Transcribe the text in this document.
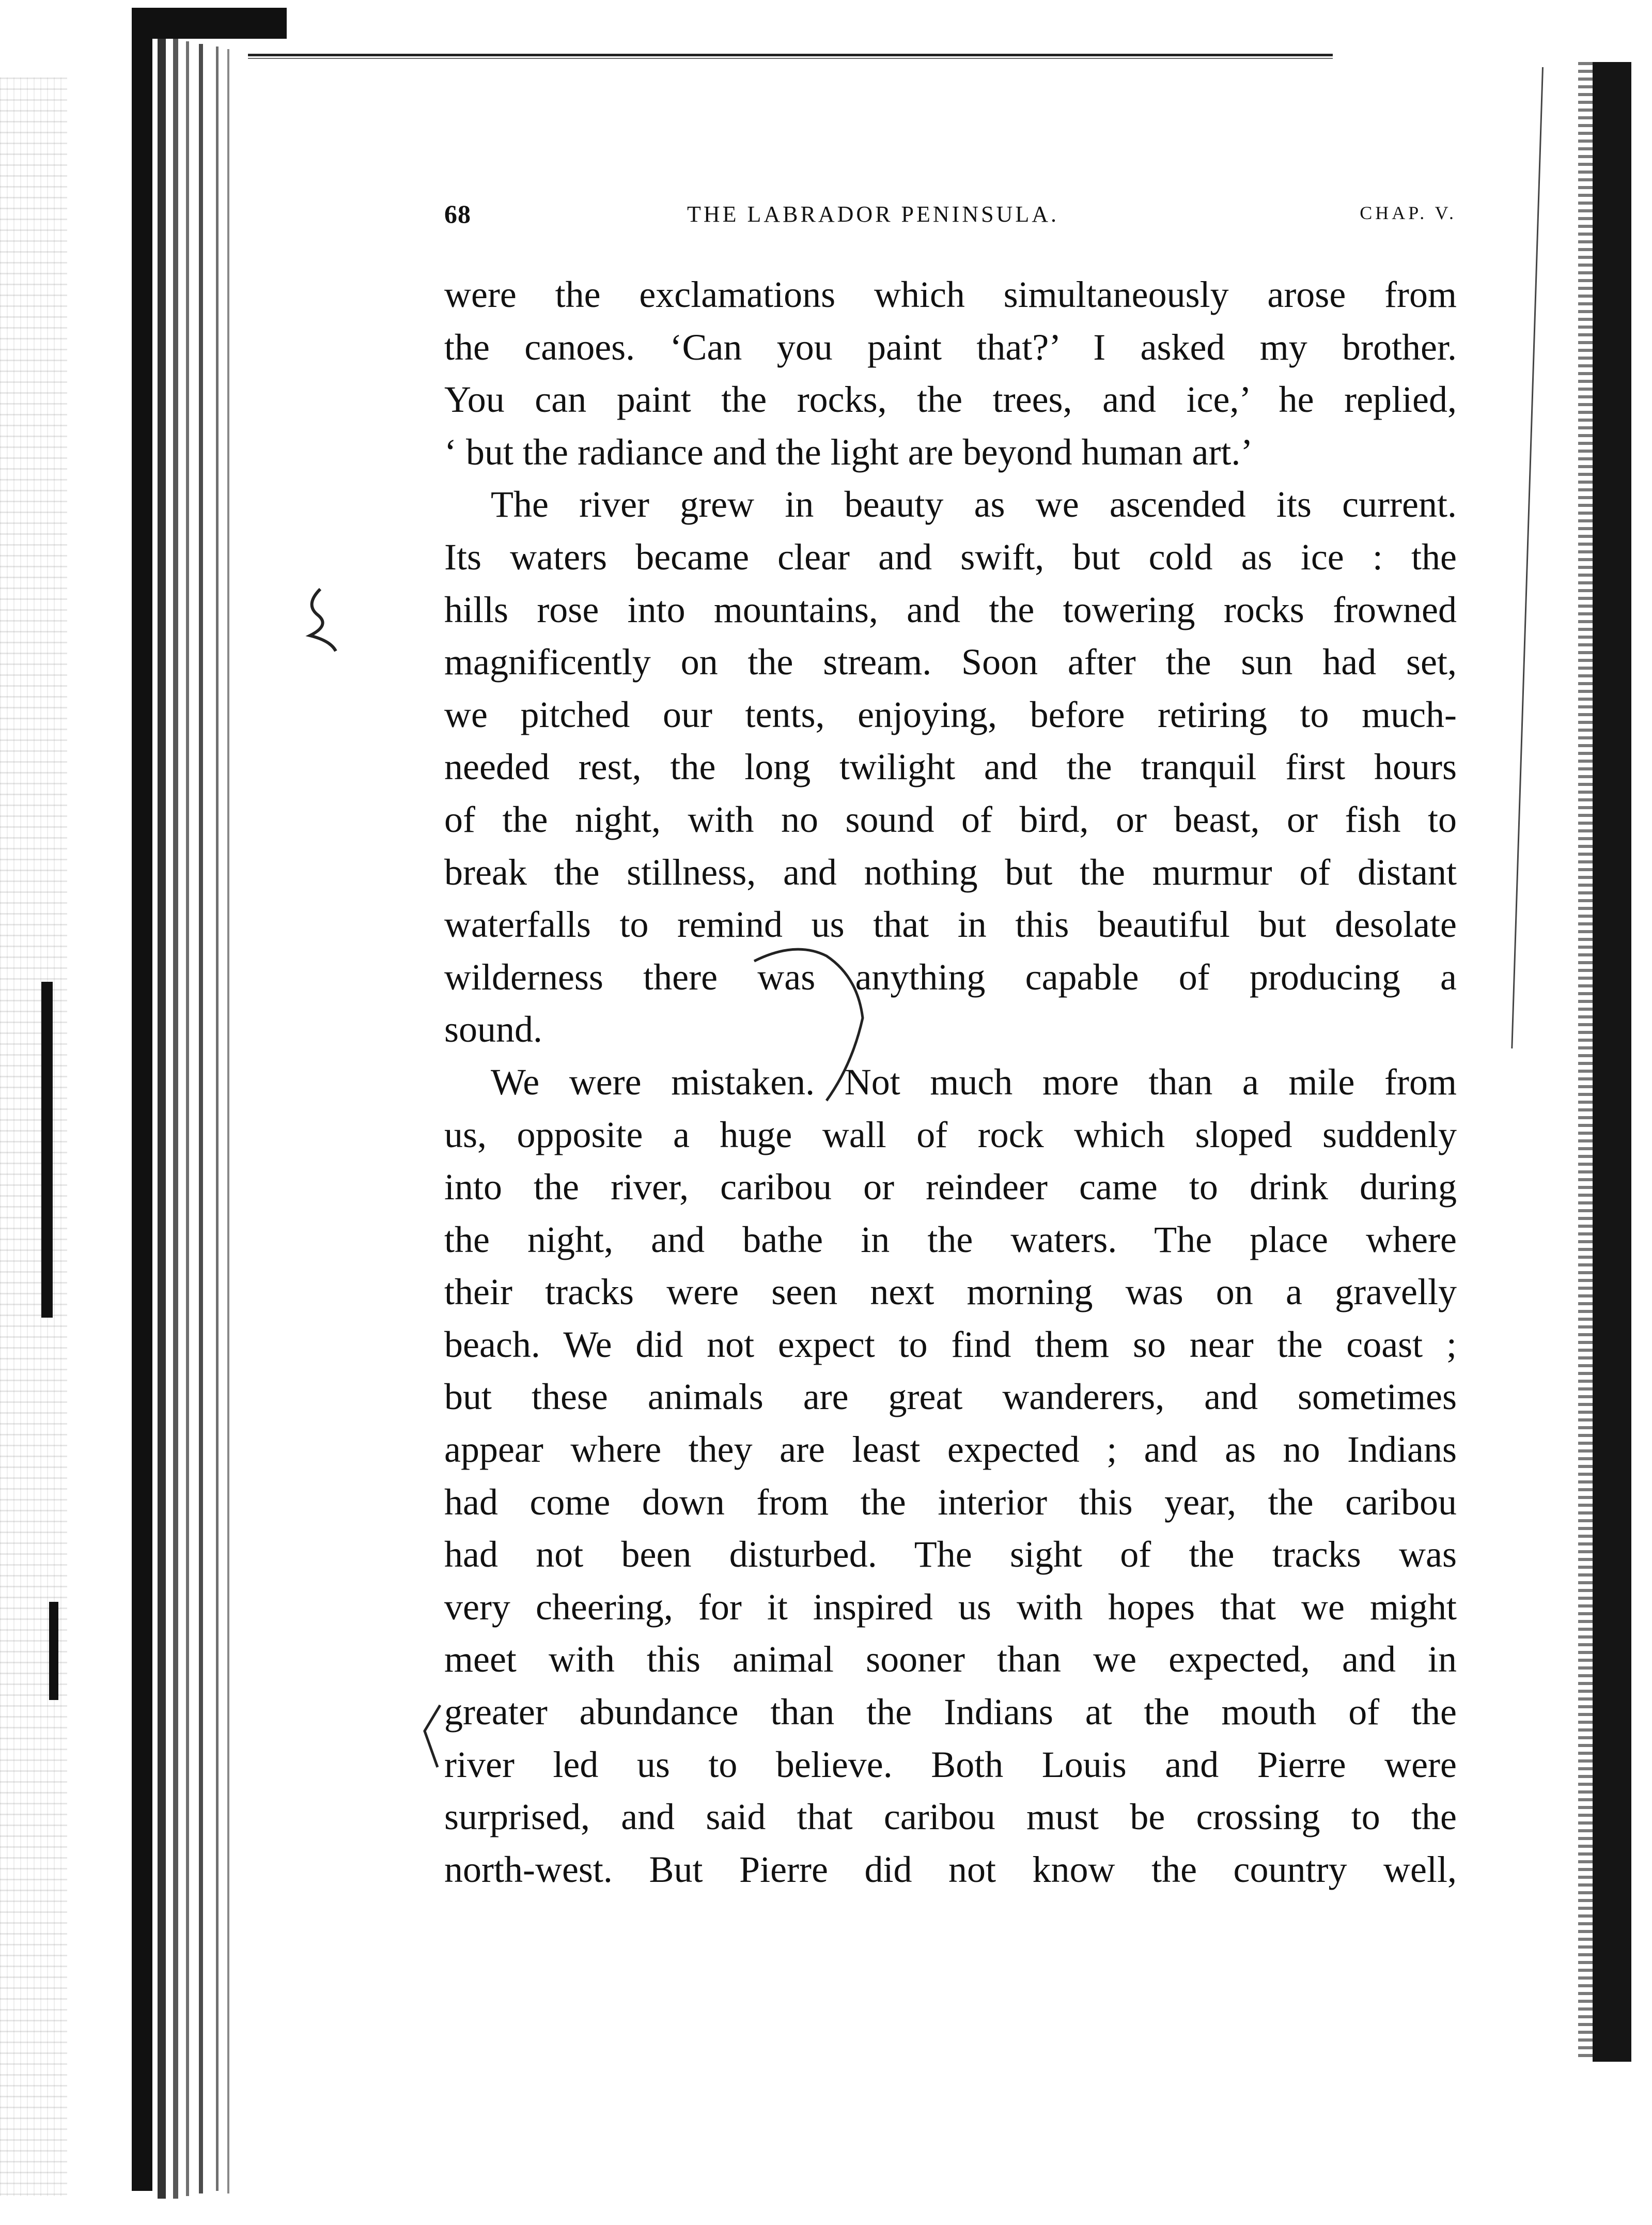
68	THE LABRADOR PENINSULA.	CHAP. V.
were the exclamations which simultaneously arose from
the canoes. ‘Can you paint that?’ I asked my brother.
You can paint the rocks, the trees, and ice,’ he replied,
‘ but the radiance and the light are beyond human art.’
The river grew in beauty as we ascended its current.
Its waters became clear and swift, but cold as ice : the
hills rose into mountains, and the towering rocks frowned
magnificently on the stream. Soon after the sun had set,
we pitched our tents, enjoying, before retiring to much-
needed rest, the long twilight and the tranquil first hours
of the night, with no sound of bird, or beast, or fish to
break the stillness, and nothing but the murmur of distant
waterfalls to remind us that in this beautiful but desolate
wilderness there was anything capable of producing a
sound.
We were mistaken. Not much more than a mile from
us, opposite a huge wall of rock which sloped suddenly
into the river, caribou or reindeer came to drink during
the night, and bathe in the waters. The place where
their tracks were seen next morning was on a gravelly
beach. We did not expect to find them so near the coast ;
but these animals are great wanderers, and sometimes
appear where they are least expected ; and as no Indians
had come down from the interior this year, the caribou
had not been disturbed. The sight of the tracks was
very cheering, for it inspired us with hopes that we might
meet with this animal sooner than we expected, and in
greater abundance than the Indians at the mouth of the
river led us to believe. Both Louis and Pierre were
surprised, and said that caribou must be crossing to the
north-west. But Pierre did not know the country well,
